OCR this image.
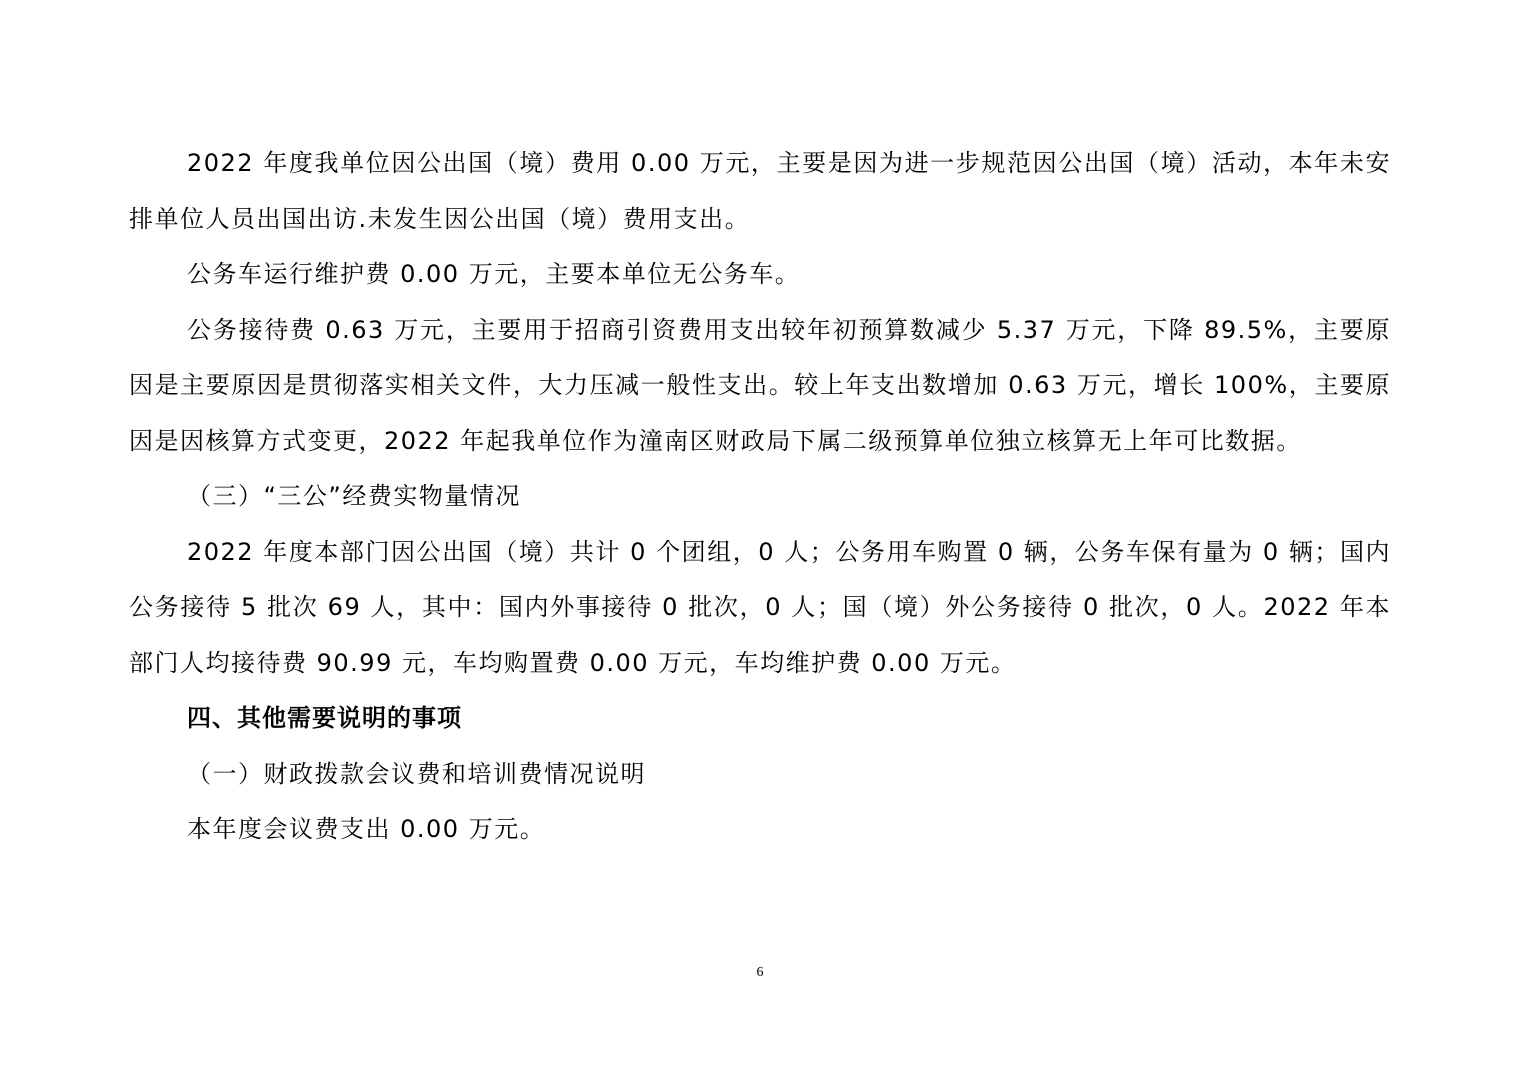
2022 年度我单位因公出国（境）费用 0.00 万元，主要是因为进一步规范因公出国（境）活动，本年未安排单位人员出国出访.未发生因公出国（境）费用支出。

公务车运行维护费 0.00 万元，主要本单位无公务车。

公务接待费 0.63 万元，主要用于招商引资费用支出较年初预算数减少 5.37 万元，下降 89.5%，主要原因是主要原因是贯彻落实相关文件，大力压减一般性支出。较上年支出数增加 0.63 万元，增长 100%，主要原因是因核算方式变更，2022 年起我单位作为潼南区财政局下属二级预算单位独立核算无上年可比数据。

（三）“三公”经费实物量情况

2022 年度本部门因公出国（境）共计 0 个团组，0 人；公务用车购置 0 辆，公务车保有量为 0 辆；国内公务接待 5 批次 69 人，其中：国内外事接待 0 批次，0 人；国（境）外公务接待 0 批次，0 人。2022 年本部门人均接待费 90.99 元，车均购置费 0.00 万元，车均维护费 0.00 万元。

四、其他需要说明的事项

（一）财政拨款会议费和培训费情况说明

本年度会议费支出 0.00 万元。

6
